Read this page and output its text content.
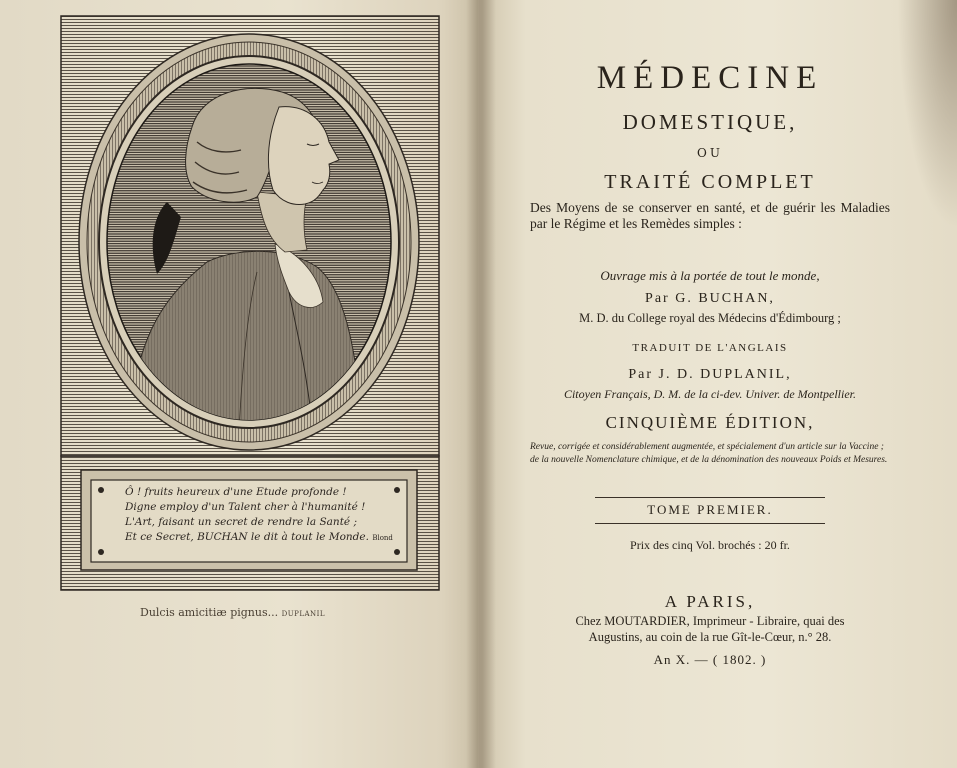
Ô ! fruits heureux d'une Etude profonde !
Digne employ d'un Talent cher à l'humanité !
L'Art, faisant un secret de rendre la Santé ;
Et ce Secret, BUCHAN le dit à tout le Monde. Blond
Dulcis amicitiæ pignus... DUPLANIL
MÉDECINE
DOMESTIQUE,
OU
TRAITÉ COMPLET
Des Moyens de se conserver en santé, et de guérir les Maladies par le Régime et les Remèdes simples :
Ouvrage mis à la portée de tout le monde,
Par G. BUCHAN,
M. D. du College royal des Médecins d'Édimbourg ;
TRADUIT DE L'ANGLAIS
Par J. D. DUPLANIL,
Citoyen Français, D. M. de la ci-dev. Univer. de Montpellier.
CINQUIÈME ÉDITION,
Revue, corrigée et considérablement augmentée, et spécialement d'un article sur la Vaccine ; de la nouvelle Nomenclature chimique, et de la dénomination des nouveaux Poids et Mesures.
TOME PREMIER.
Prix des cinq Vol. brochés : 20 fr.
A PARIS,
Chez MOUTARDIER, Imprimeur - Libraire, quai des
Augustins, au coin de la rue Gît-le-Cœur, n.° 28.
An X. — ( 1802. )
